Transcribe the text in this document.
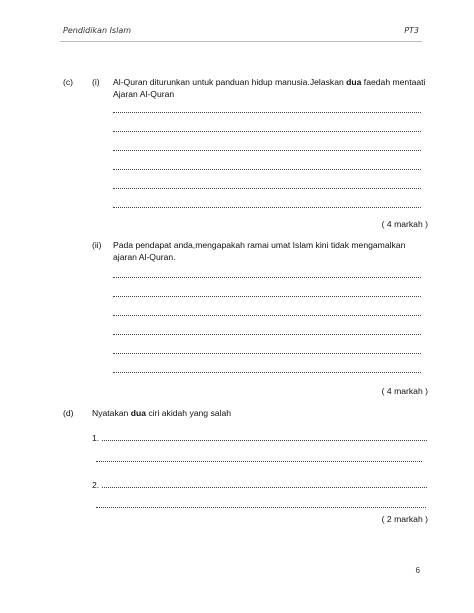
Pendidikan Islam	PT3
(c) (i) Al-Quran diturunkan untuk panduan hidup manusia.Jelaskan dua faedah mentaati
Ajaran Al-Quran
( 4 markah )
(ii) Pada pendapat anda,mengapakah ramai umat Islam kini tidak mengamalkan
ajaran Al-Quran.
( 4 markah )
(d) Nyatakan dua ciri akidah yang salah
1.
2.
( 2 markah )
6
